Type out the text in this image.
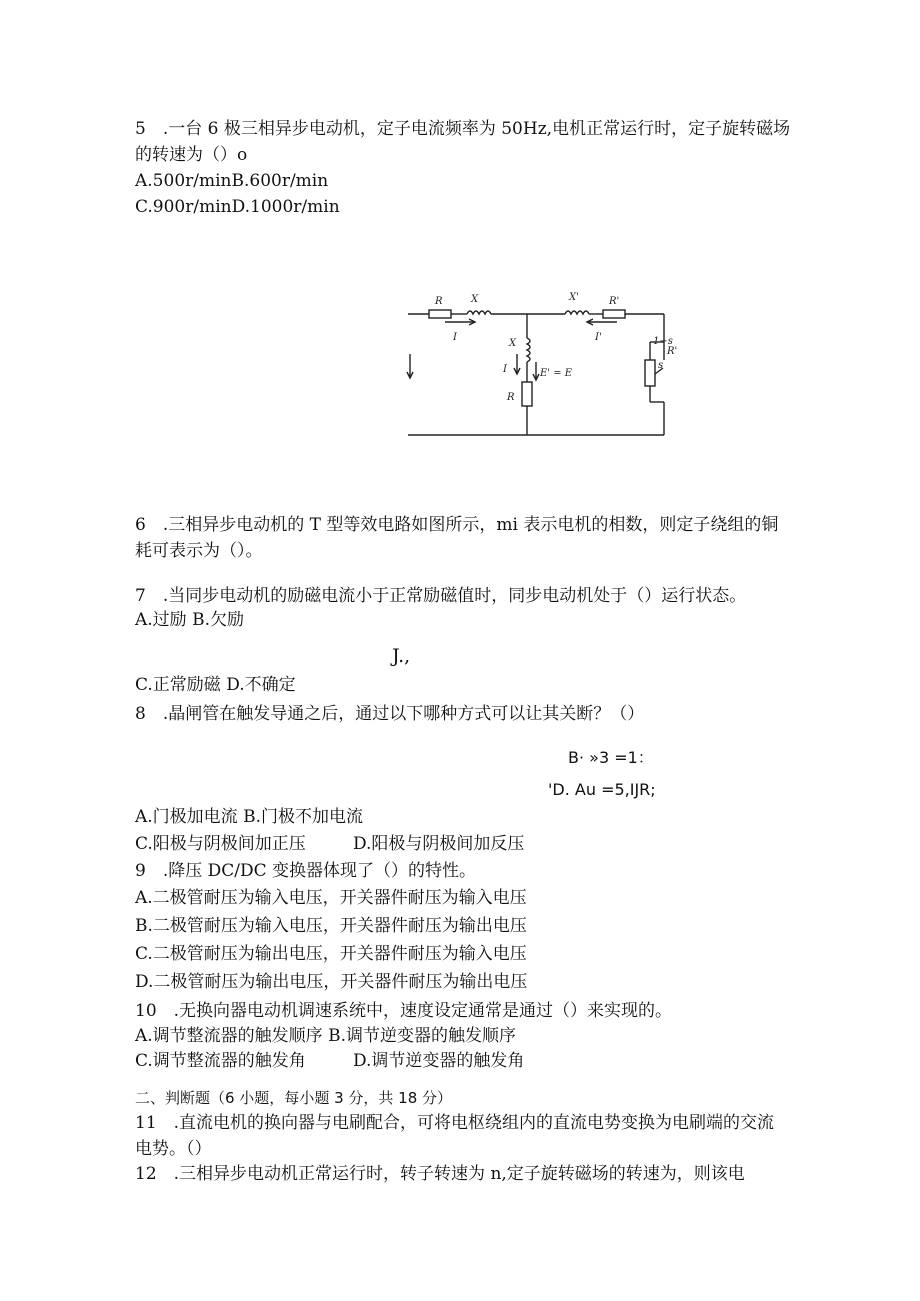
5　.一台 6 极三相异步电动机，定子电流频率为 50Hz,电机正常运行时，定子旋转磁场
的转速为（）o
A.500r/minB.600r/min
C.900r/minD.1000r/min
R	X	X'	R'
1−s
R'
s
X
I	I'
I	E' = E
R
6　.三相异步电动机的 T 型等效电路如图所示，mi 表示电机的相数，则定子绕组的铜
耗可表示为（）。
7　.当同步电动机的励磁电流小于正常励磁值时，同步电动机处于（）运行状态。
A.过励 B.欠励
J.,
C.正常励磁 D.不确定
8　.晶闸管在触发导通之后，通过以下哪种方式可以让其关断？（）
B· »3 =1：
'D. Au =5,IJR;
A.门极加电流 B.门极不加电流
C.阳极与阴极间加正压	D.阳极与阴极间加反压
9　.降压 DC/DC 变换器体现了（）的特性。
A.二极管耐压为输入电压，开关器件耐压为输入电压
B.二极管耐压为输入电压，开关器件耐压为输出电压
C.二极管耐压为输出电压，开关器件耐压为输入电压
D.二极管耐压为输出电压，开关器件耐压为输出电压
10　.无换向器电动机调速系统中，速度设定通常是通过（）来实现的。
A.调节整流器的触发顺序 B.调节逆变器的触发顺序
C.调节整流器的触发角	D.调节逆变器的触发角
二、判断题（6 小题，每小题 3 分，共 18 分）
11　.直流电机的换向器与电刷配合，可将电枢绕组内的直流电势变换为电刷端的交流
电势。（）
12　.三相异步电动机正常运行时，转子转速为 n,定子旋转磁场的转速为，则该电
